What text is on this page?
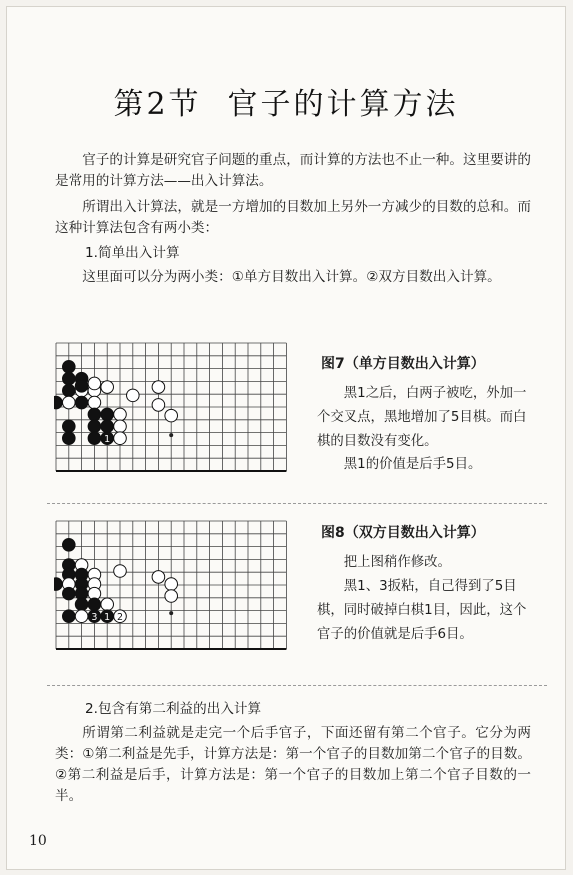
第2节 官子的计算方法

官子的计算是研究官子问题的重点，而计算的方法也不止一种。这里要讲的是常用的计算方法——出入计算法。

所谓出入计算法，就是一方增加的目数加上另外一方减少的目数的总和。而这种计算法包含有两小类：

1.简单出入计算

这里面可以分为两小类：①单方目数出入计算。②双方目数出入计算。

1

图7（单方目数出入计算）

黑1之后，白两子被吃，外加一个交叉点，黑地增加了5目棋。而白棋的目数没有变化。

黑1的价值是后手5目。

3 1 2

图8（双方目数出入计算）

把上图稍作修改。

黑1、3扳粘，自己得到了5目棋，同时破掉白棋1目，因此，这个官子的价值就是后手6目。

2.包含有第二利益的出入计算

所谓第二利益就是走完一个后手官子，下面还留有第二个官子。它分为两类：①第二利益是先手，计算方法是：第一个官子的目数加第二个官子的目数。②第二利益是后手，计算方法是：第一个官子的目数加上第二个官子目数的一半。

10
